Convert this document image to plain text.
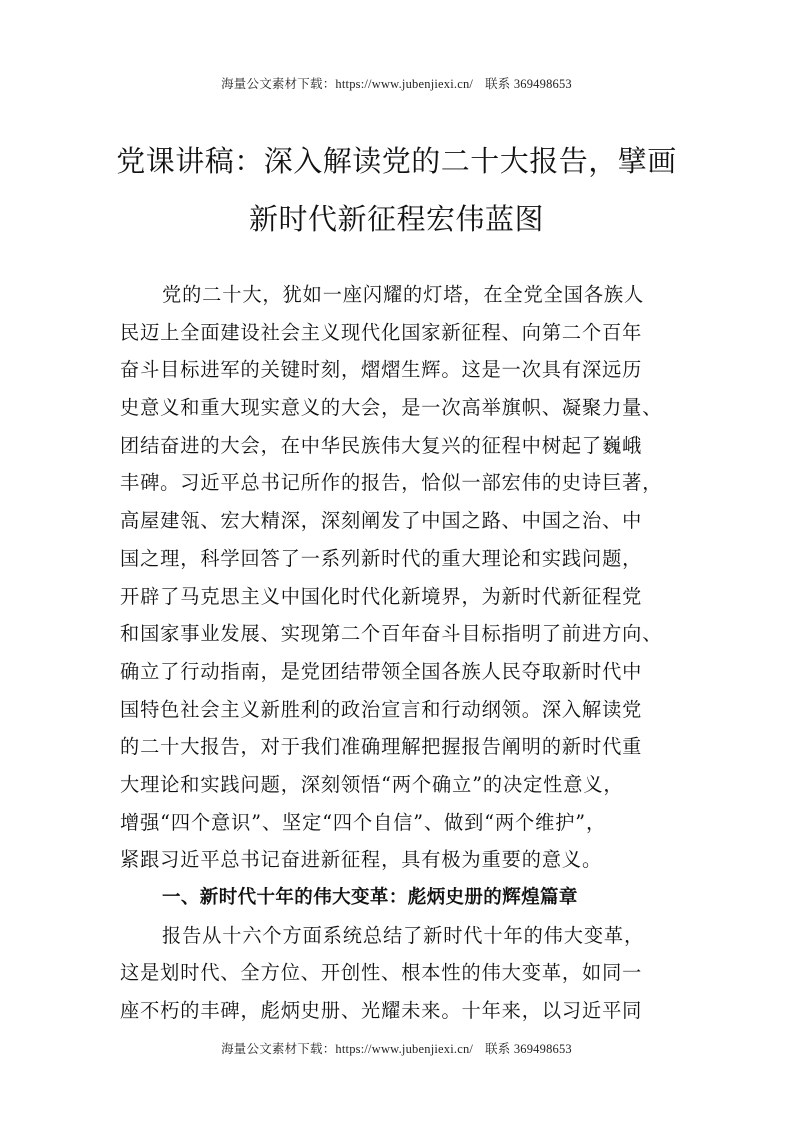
海量公文素材下载：https://www.jubenjiexi.cn/ 联系 369498653
党课讲稿：深入解读党的二十大报告，擘画
新时代新征程宏伟蓝图
党的二十大，犹如一座闪耀的灯塔，在全党全国各族人
民迈上全面建设社会主义现代化国家新征程、向第二个百年
奋斗目标进军的关键时刻，熠熠生辉。这是一次具有深远历
史意义和重大现实意义的大会，是一次高举旗帜、凝聚力量、
团结奋进的大会，在中华民族伟大复兴的征程中树起了巍峨
丰碑。习近平总书记所作的报告，恰似一部宏伟的史诗巨著，
高屋建瓴、宏大精深，深刻阐发了中国之路、中国之治、中
国之理，科学回答了一系列新时代的重大理论和实践问题，
开辟了马克思主义中国化时代化新境界，为新时代新征程党
和国家事业发展、实现第二个百年奋斗目标指明了前进方向、
确立了行动指南，是党团结带领全国各族人民夺取新时代中
国特色社会主义新胜利的政治宣言和行动纲领。深入解读党
的二十大报告，对于我们准确理解把握报告阐明的新时代重
大理论和实践问题，深刻领悟“两个确立”的决定性意义，
增强“四个意识”、坚定“四个自信”、做到“两个维护”，
紧跟习近平总书记奋进新征程，具有极为重要的意义。
一、新时代十年的伟大变革：彪炳史册的辉煌篇章
报告从十六个方面系统总结了新时代十年的伟大变革，
这是划时代、全方位、开创性、根本性的伟大变革，如同一
座不朽的丰碑，彪炳史册、光耀未来。十年来，以习近平同
海量公文素材下载：https://www.jubenjiexi.cn/ 联系 369498653
